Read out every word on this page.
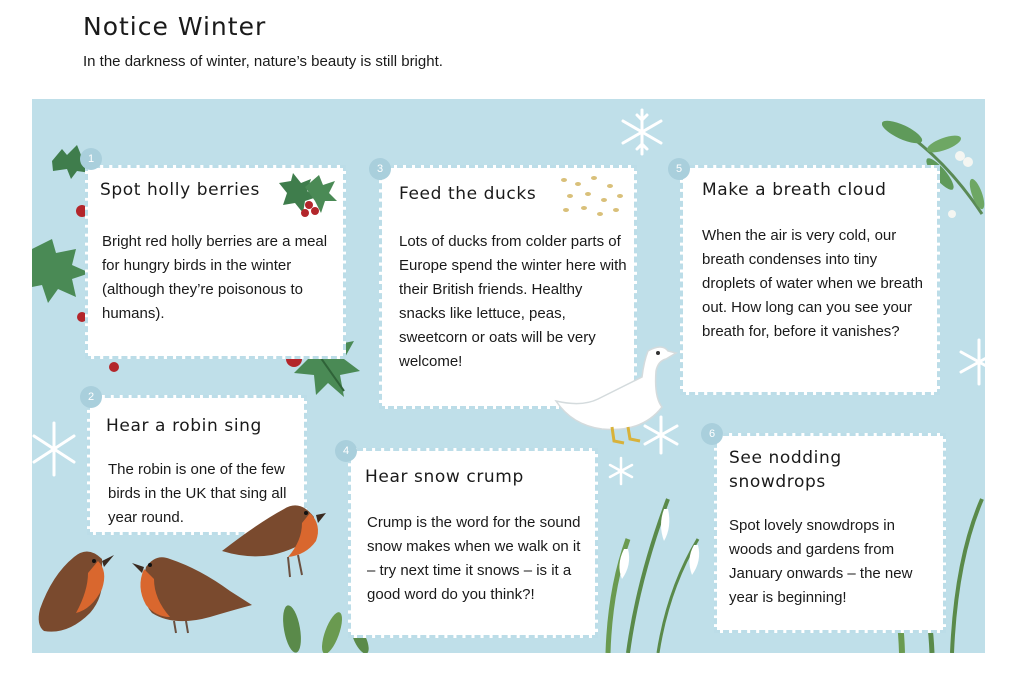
Notice Winter

In the darkness of winter, nature’s beauty is still bright.

Spot holly berries

Bright red holly berries are a meal for hungry birds in the winter (although they’re poisonous to humans).

1
Hear a robin sing

The robin is one of the few birds in the UK that sing all year round.

2
Feed the ducks

Lots of ducks from colder parts of Europe spend the winter here with their British friends. Healthy snacks like lettuce, peas, sweetcorn or oats will be very welcome!

3
Hear snow crump

Crump is the word for the sound snow makes when we walk on it – try next time it snows – is it a good word do you think?!

4
Make a breath cloud

When the air is very cold, our breath condenses into tiny droplets of water when we breath out. How long can you see your breath for, before it vanishes?

5
See nodding snowdrops

Spot lovely snowdrops in woods and gardens from January onwards – the new year is beginning!

6
